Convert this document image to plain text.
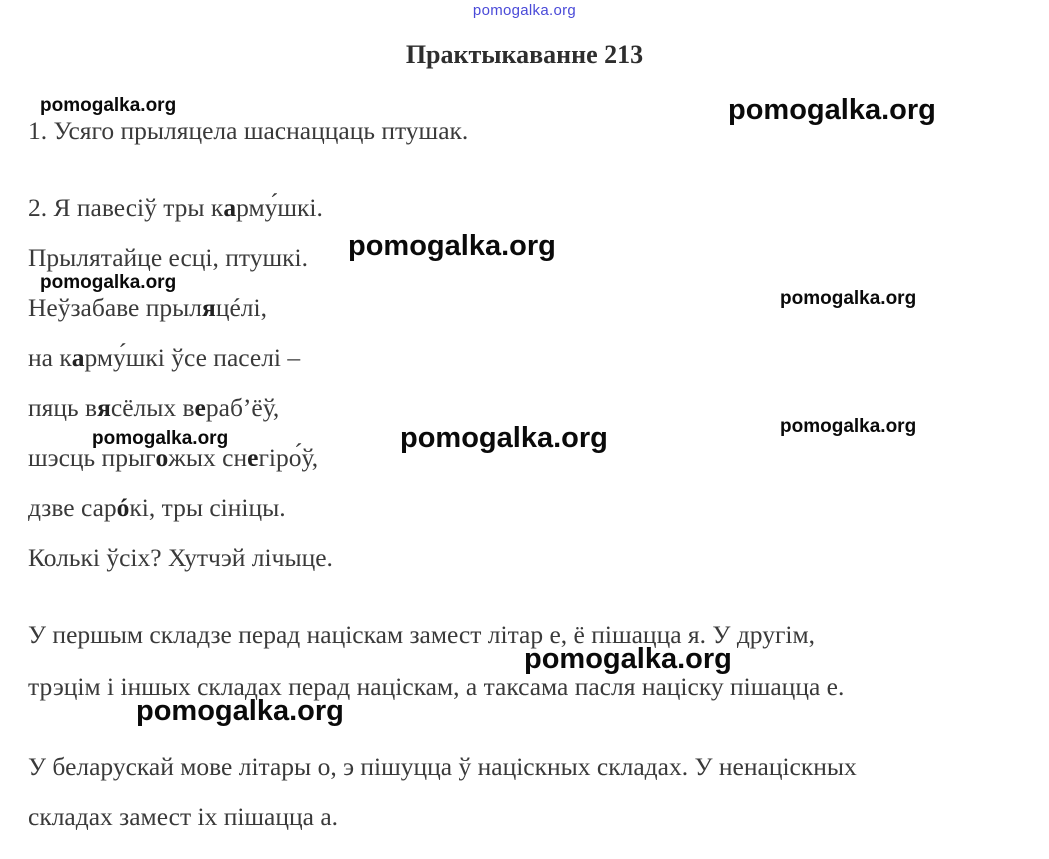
pomogalka.org
Практыкаванне 213
1. Усяго прыляцела шаснаццаць птушак.
2. Я павесіў тры карму́шкі.
Прылятайце есці, птушкі.
Неўзабаве прыляцéлі,
на карму́шкі ўсе паселі –
пяць вясёлых вераб’ёў,
шэсць прыгожых снегіро́ў,
дзве сарóкі, тры сініцы.
Колькі ўсіх? Хутчэй лічыце.
У першым складзе перад націскам замест літар е, ё пішацца я. У другім,
трэцім і іншых складах перад націскам, а таксама пасля націску пішацца е.
У беларускай мове літары о, э пішуцца ў націскных складах. У ненаціскных
складах замест іх пішацца а.
pomogalka.org	pomogalka.org
pomogalka.org
pomogalka.org
pomogalka.org
pomogalka.org
pomogalka.org	pomogalka.org
pomogalka.org
pomogalka.org
